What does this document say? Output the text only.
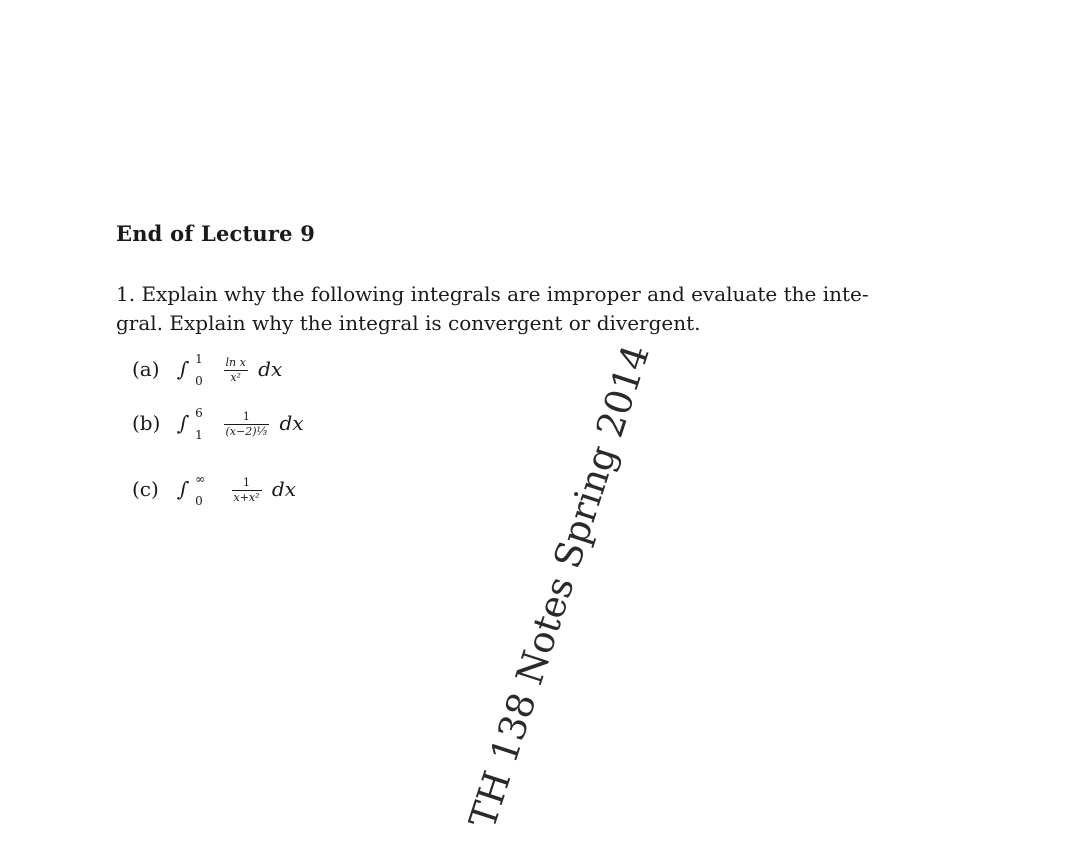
End of Lecture 9

1. Explain why the following integrals are improper and evaluate the inte-gral. Explain why the integral is convergent or divergent.

(a) ∫ 1
0
$\frac{\text{ln x}}{\text{x²}}$ dx
(b) ∫ 6
1
$\frac{1}{\text{(x−2)⅓}}$ dx
(c) ∫ ∞
0
	$\frac{1}{\text{x+x²}}$ dx	TH 138 Notes Spring 2014
